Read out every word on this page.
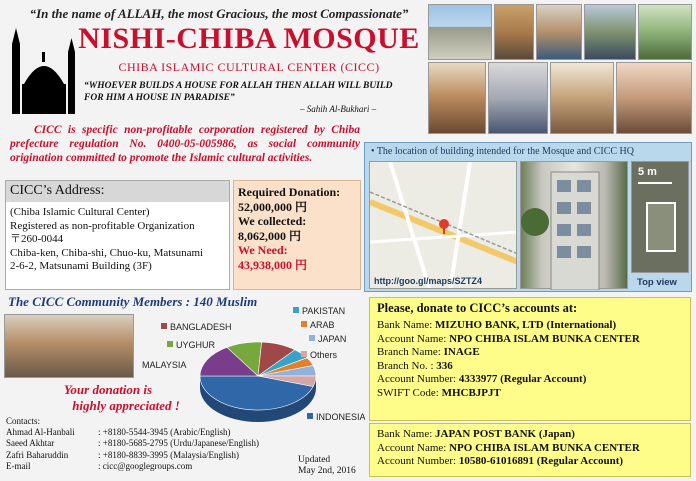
“In the name of ALLAH, the most Gracious, the most Compassionate”
NISHI-CHIBA MOSQUE
CHIBA ISLAMIC CULTURAL CENTER (CICC)
“WHOEVER BUILDS A HOUSE FOR ALLAH THEN ALLAH WILL BUILD FOR HIM A HOUSE IN PARADISE”
– Sahih Al-Bukhari –
CICC is specific non-profitable corporation registered by Chiba prefecture regulation No. 0400-05-005986, as social community origination committed to promote the Islamic cultural activities.
CICC’s Address:
(Chiba Islamic Cultural Center)
Registered as non-profitable Organization
〒260-0044
Chiba-ken, Chiba-shi, Chuo-ku, Matsunami
2-6-2, Matsunami Building (3F)
Required Donation:
52,000,000 円
We collected:
8,062,000 円
We Need:
43,938,000 円
• The location of building intended for the Mosque and CICC HQ
http://goo.gl/maps/SZTZ4
5 m
Top view
The CICC Community Members : 140 Muslim
INDONESIA
MALAYSIA
UYGHUR
BANGLADESH
PAKISTAN
ARAB
JAPAN
Others
Your donation is
highly appreciated !
Contacts:
Ahmad Al-Hanbali	: +8180-5544-3945 (Arabic/English)
Saeed Akhtar	: +8180-5685-2795 (Urdu/Japanese/English)
Zafri Baharuddin	: +8180-8839-3995 (Malaysia/English)
E-mail	: cicc@googlegroups.com
Updated
May 2nd, 2016
Please, donate to CICC’s accounts at:
Bank Name: MIZUHO BANK, LTD (International)
Account Name: NPO CHIBA ISLAM BUNKA CENTER
Branch Name: INAGE
Branch No. : 336
Account Number: 4333977 (Regular Account)
SWIFT Code: MHCBJPJT
Bank Name: JAPAN POST BANK (Japan)
Account Name: NPO CHIBA ISLAM BUNKA CENTER
Account Number: 10580-61016891 (Regular Account)
